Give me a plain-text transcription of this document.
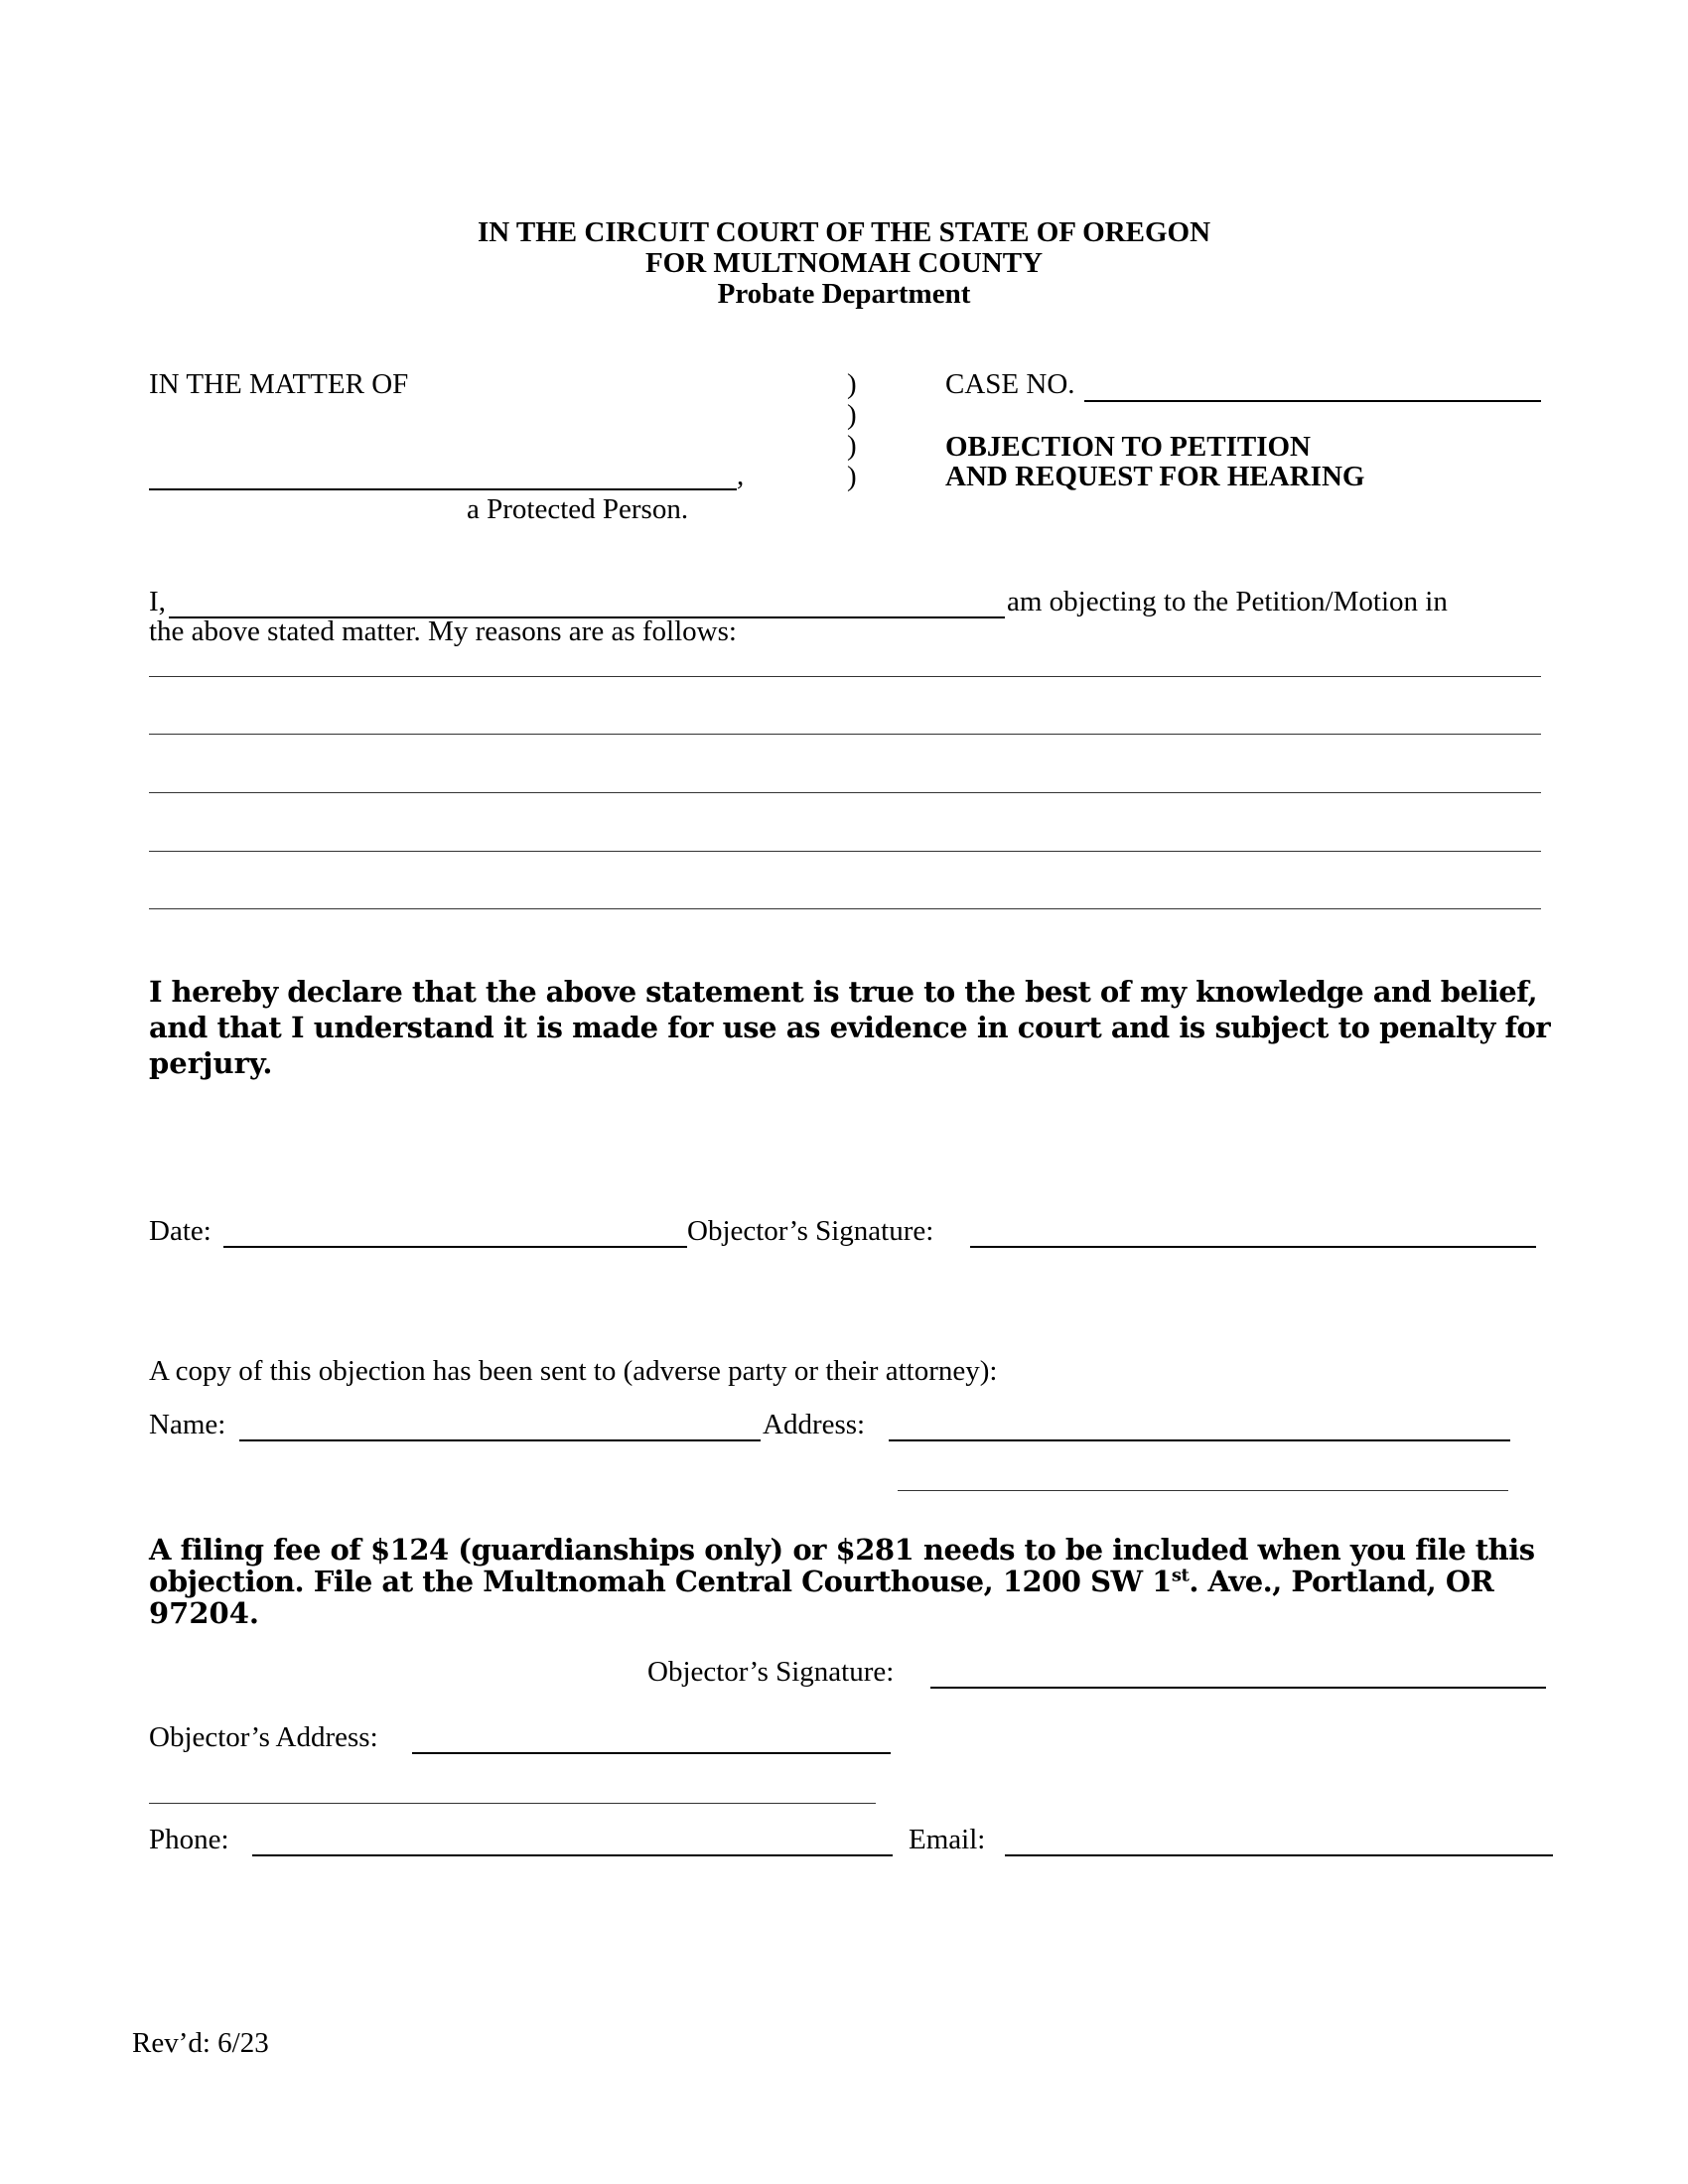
IN THE CIRCUIT COURT OF THE STATE OF OREGON
FOR MULTNOMAH COUNTY
Probate Department
IN THE MATTER OF
,
a Protected Person.
)
)
)
)
CASE NO.
OBJECTION TO PETITION
AND REQUEST FOR HEARING
I,	am objecting to the Petition/Motion in
the above stated matter. My reasons are as follows:
I hereby declare that the above statement is true to the best of my knowledge and belief,
and that I understand it is made for use as evidence in court and is subject to penalty for
perjury.
Date:	Objector’s Signature:
A copy of this objection has been sent to (adverse party or their attorney):
Name:	Address:
A filing fee of $124 (guardianships only) or $281 needs to be included when you file this
objection. File at the Multnomah Central Courthouse, 1200 SW 1st. Ave., Portland, OR
97204.
Objector’s Signature:
Objector’s Address:
Phone:	Email:
Rev’d: 6/23
